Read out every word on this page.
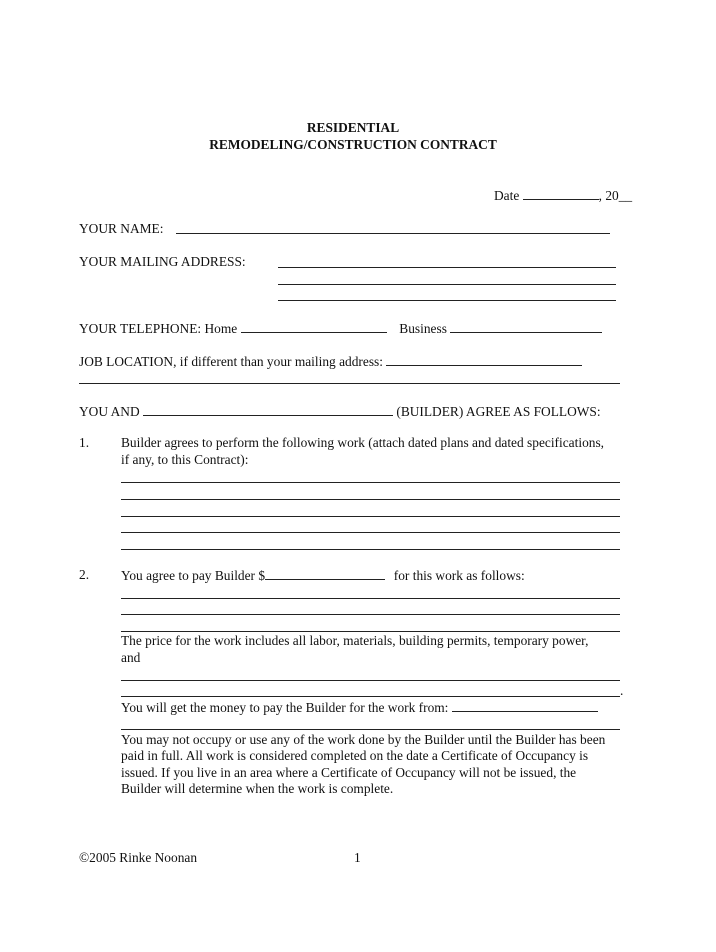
RESIDENTIAL
REMODELING/CONSTRUCTION CONTRACT
Date	, 20__
YOUR NAME:
YOUR MAILING ADDRESS:
YOUR TELEPHONE: Home	Business
JOB LOCATION, if different than your mailing address:
YOU AND	(BUILDER) AGREE AS FOLLOWS:
1. Builder agrees to perform the following work (attach dated plans and dated specifications,
if any, to this Contract):
2. You agree to pay Builder $	for this work as follows:
The price for the work includes all labor, materials, building permits, temporary power,
and
.
You will get the money to pay the Builder for the work from:
You may not occupy or use any of the work done by the Builder until the Builder has been
paid in full. All work is considered completed on the date a Certificate of Occupancy is
issued. If you live in an area where a Certificate of Occupancy will not be issued, the
Builder will determine when the work is complete.
©2005 Rinke Noonan	1
